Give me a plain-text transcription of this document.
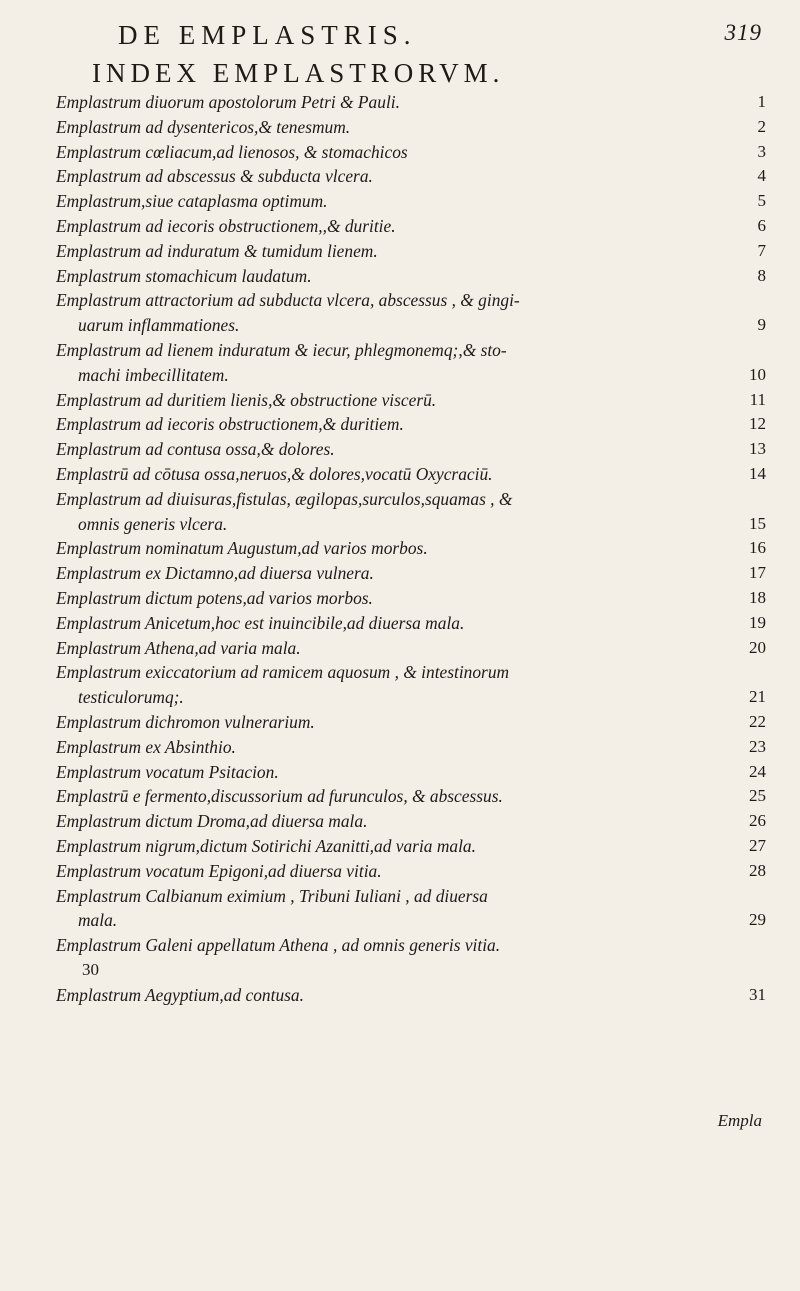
DE EMPLASTRIS.	319
INDEX EMPLASTRORVM.
Emplastrum diuorum apostolorum Petri & Pauli.	1
Emplastrum ad dysentericos,& tenesmum.	2
Emplastrum cœliacum,ad lienosos, & stomachicos	3
Emplastrum ad abscessus & subducta vlcera.	4
Emplastrum,siue cataplasma optimum.	5
Emplastrum ad iecoris obstructionem,,& duritie.	6
Emplastrum ad induratum & tumidum lienem.	7
Emplastrum stomachicum laudatum.	8
Emplastrum attractorium ad subducta vlcera, abscessus , & gingi-
uarum inflammationes.	9
Emplastrum ad lienem induratum & iecur, phlegmonemq;,& sto-
machi imbecillitatem.	10
Emplastrum ad duritiem lienis,& obstructione viscerū.	11
Emplastrum ad iecoris obstructionem,& duritiem.	12
Emplastrum ad contusa ossa,& dolores.	13
Emplastrū ad cōtusa ossa,neruos,& dolores,vocatū Oxycraciū.	14
Emplastrum ad diuisuras,fistulas, ægilopas,surculos,squamas , &
omnis generis vlcera.	15
Emplastrum nominatum Augustum,ad varios morbos.	16
Emplastrum ex Dictamno,ad diuersa vulnera.	17
Emplastrum dictum potens,ad varios morbos.	18
Emplastrum Anicetum,hoc est inuincibile,ad diuersa mala.	19
Emplastrum Athena,ad varia mala.	20
Emplastrum exiccatorium ad ramicem aquosum , & intestinorum
testiculorumq;.	21
Emplastrum dichromon vulnerarium.	22
Emplastrum ex Absinthio.	23
Emplastrum vocatum Psitacion.	24
Emplastrū e fermento,discussorium ad furunculos, & abscessus.	25
Emplastrum dictum Droma,ad diuersa mala.	26
Emplastrum nigrum,dictum Sotirichi Azanitti,ad varia mala.	27
Emplastrum vocatum Epigoni,ad diuersa vitia.	28
Emplastrum Calbianum eximium , Tribuni Iuliani , ad diuersa
mala.	29
Emplastrum Galeni appellatum Athena , ad omnis generis vitia.
30
Emplastrum Aegyptium,ad contusa.	31
Empla
